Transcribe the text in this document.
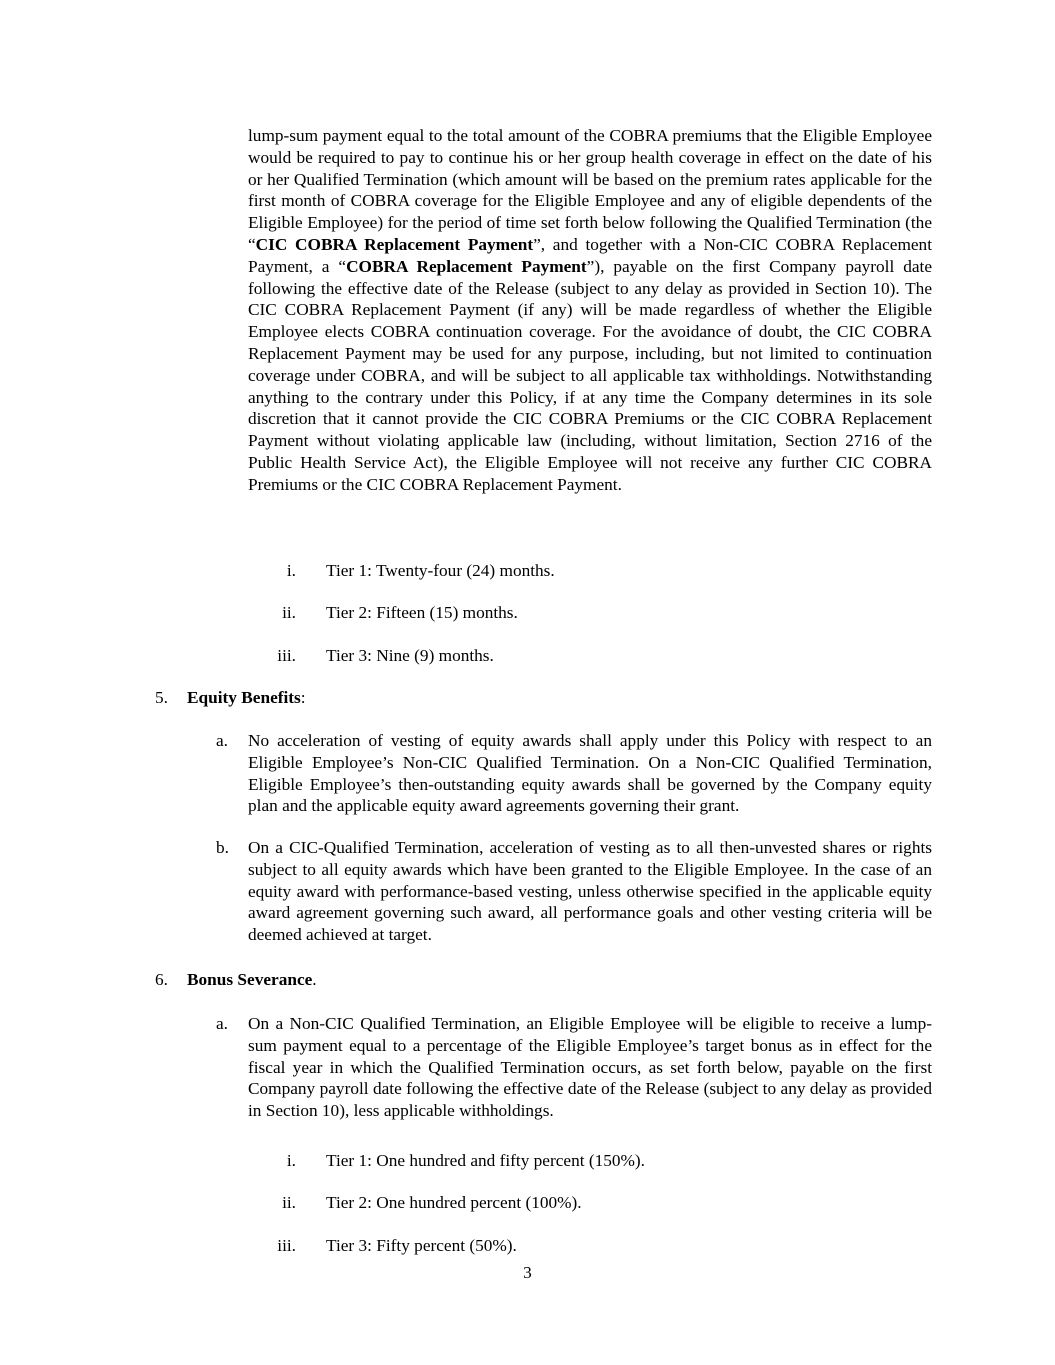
lump-sum payment equal to the total amount of the COBRA premiums that the Eligible Employee would be required to pay to continue his or her group health coverage in effect on the date of his or her Qualified Termination (which amount will be based on the premium rates applicable for the first month of COBRA coverage for the Eligible Employee and any of eligible dependents of the Eligible Employee) for the period of time set forth below following the Qualified Termination (the “CIC COBRA Replacement Payment”, and together with a Non-CIC COBRA Replacement Payment, a “COBRA Replacement Payment”), payable on the first Company payroll date following the effective date of the Release (subject to any delay as provided in Section 10). The CIC COBRA Replacement Payment (if any) will be made regardless of whether the Eligible Employee elects COBRA continuation coverage. For the avoidance of doubt, the CIC COBRA Replacement Payment may be used for any purpose, including, but not limited to continuation coverage under COBRA, and will be subject to all applicable tax withholdings. Notwithstanding anything to the contrary under this Policy, if at any time the Company determines in its sole discretion that it cannot provide the CIC COBRA Premiums or the CIC COBRA Replacement Payment without violating applicable law (including, without limitation, Section 2716 of the Public Health Service Act), the Eligible Employee will not receive any further CIC COBRA Premiums or the CIC COBRA Replacement Payment.

i. Tier 1: Twenty-four (24) months.
ii. Tier 2: Fifteen (15) months.
iii. Tier 3: Nine (9) months.
5. Equity Benefits:
a. No acceleration of vesting of equity awards shall apply under this Policy with respect to an Eligible Employee’s Non-CIC Qualified Termination. On a Non-CIC Qualified Termination, Eligible Employee’s then-outstanding equity awards shall be governed by the Company equity plan and the applicable equity award agreements governing their grant.

b. On a CIC-Qualified Termination, acceleration of vesting as to all then-unvested shares or rights subject to all equity awards which have been granted to the Eligible Employee. In the case of an equity award with performance-based vesting, unless otherwise specified in the applicable equity award agreement governing such award, all performance goals and other vesting criteria will be deemed achieved at target.

6. Bonus Severance.
a. On a Non-CIC Qualified Termination, an Eligible Employee will be eligible to receive a lump-sum payment equal to a percentage of the Eligible Employee’s target bonus as in effect for the fiscal year in which the Qualified Termination occurs, as set forth below, payable on the first Company payroll date following the effective date of the Release (subject to any delay as provided in Section 10), less applicable withholdings.

i. Tier 1: One hundred and fifty percent (150%).
ii. Tier 2: One hundred percent (100%).
iii. Tier 3: Fifty percent (50%).
3
